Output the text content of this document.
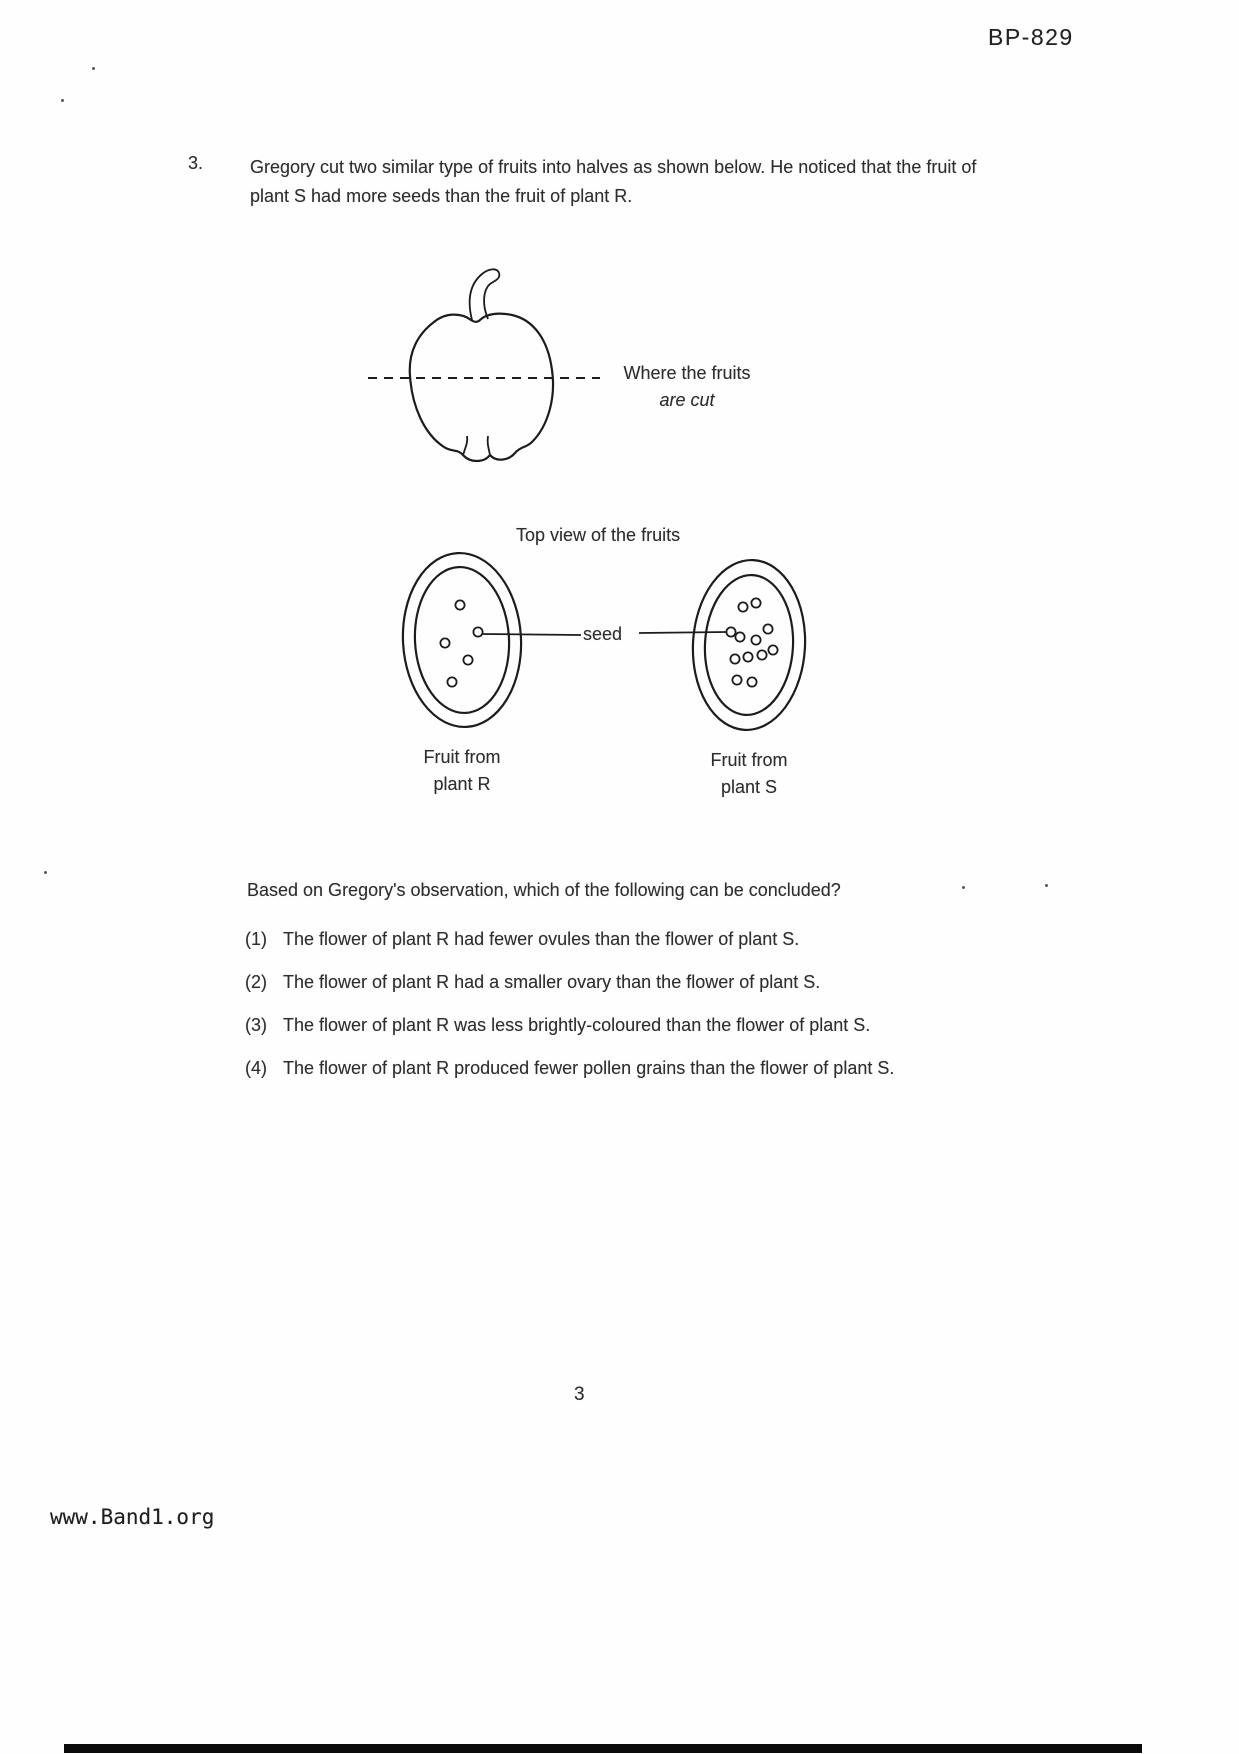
BP-829
3.	Gregory cut two similar type of fruits into halves as shown below. He noticed that the fruit of plant S had more seeds than the fruit of plant R.
Where the fruits
are cut
Top view of the fruits
seed
Fruit from
plant R
Fruit from
plant S
Based on Gregory's observation, which of the following can be concluded?
(1) The flower of plant R had fewer ovules than the flower of plant S.
(2) The flower of plant R had a smaller ovary than the flower of plant S.
(3) The flower of plant R was less brightly-coloured than the flower of plant S.
(4) The flower of plant R produced fewer pollen grains than the flower of plant S.
3
www.Band1.org
